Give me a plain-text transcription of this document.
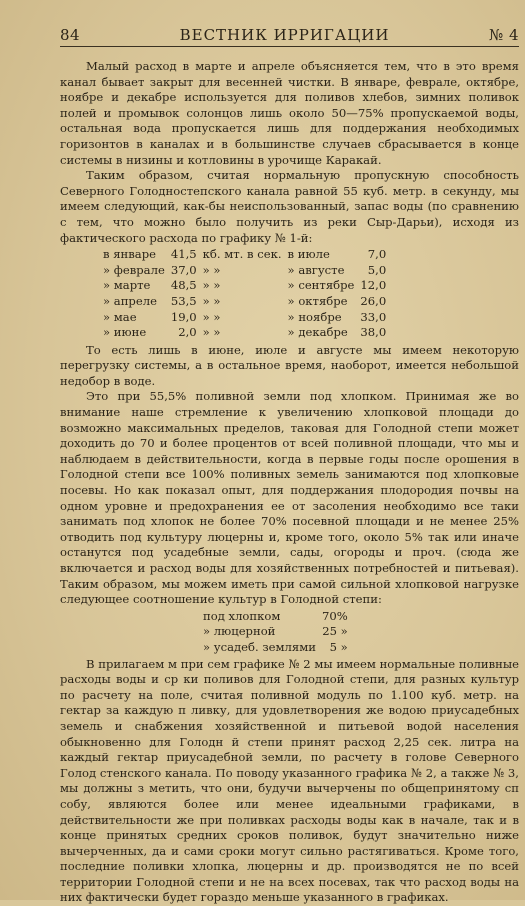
84	ВЕСТНИК ИРРИГАЦИИ	№ 4

Малый расход в марте и апреле объясняется тем, что в это время канал бывает закрыт для весенней чистки. В январе, феврале, октябре, ноябре и декабре используется для поливов хлебов, зимних поливок полей и промывок солонцов лишь около 50—75% пропускаемой воды, остальная вода пропускается лишь для поддержания необходимых горизонтов в каналах и в большинстве случаев сбрасывается в конце системы в низины и котловины в урочище Каракай.

Таким образом, считая нормальную пропускную способность Северного Голодностепского канала равной 55 куб. метр. в секунду, мы имеем следующий, как-бы неиспользованный, запас воды (по сравнению с тем, что можно было получить из реки Сыр-Дарьи), исходя из фактического расхода по графику № 1-й:

в январе	41,5	кб. мт. в сек.	в июле	7,0
» феврале	37,0	» »	» августе	5,0
» марте	48,5	» »	» сентябре	12,0
» апреле	53,5	» »	» октябре	26,0
» мае	19,0	» »	» ноябре	33,0
» июне	2,0	» »	» декабре	38,0

То есть лишь в июне, июле и августе мы имеем некоторую перегрузку системы, а в остальное время, наоборот, имеется небольшой недобор в воде.

Это при 55,5% поливной земли под хлопком. Принимая же во внимание наше стремление к увеличению хлопковой площади до возможно максимальных пределов, таковая для Голодной степи может доходить до 70 и более процентов от всей поливной площади, что мы и наблюдаем в действительности, когда в первые годы после орошения в Голодной степи все 100% поливных земель занимаются под хлопковые посевы. Но как показал опыт, для поддержания плодородия почвы на одном уровне и предохранения ее от засоления необходимо все таки занимать под хлопок не более 70% посевной площади и не менее 25% отводить под культуру люцерны и, кроме того, около 5% так или иначе останутся под усадебные земли, сады, огороды и проч. (сюда же включается и расход воды для хозяйственных потребностей и питьевая). Таким образом, мы можем иметь при самой сильной хлопковой нагрузке следующее соотношение культур в Голодной степи:

под хлопком	70%
» люцерной	25 »
» усадеб. землями	5 »

В прилагаем м при сем графике № 2 мы имеем нормальные поливные расходы воды и ср ки поливов для Голодной степи, для разных культур по расчету на поле, считая поливной модуль по 1.100 куб. метр. на гектар за каждую п ливку, для удовлетворения же водою приусадебных земель и снабжения хозяйственной и питьевой водой населения обыкновенно для Голодн й степи принят расход 2,25 сек. литра на каждый гектар приусадебной земли, по расчету в голове Северного Голод стенского канала. По поводу указанного графика № 2, а также № 3, мы должны з метить, что они, будучи вычерчены по общепринятому сп собу, являются более или менее идеальными графиками, в действительности же при поливках расходы воды как в начале, так и в конце принятых средних сроков поливок, будут значительно ниже вычерченных, да и сами сроки могут сильно растягиваться. Кроме того, последние поливки хлопка, люцерны и др. производятся не по всей территории Голодной степи и не на всех посевах, так что расход воды на них фактически будет гораздо меньше указанного в графиках.
